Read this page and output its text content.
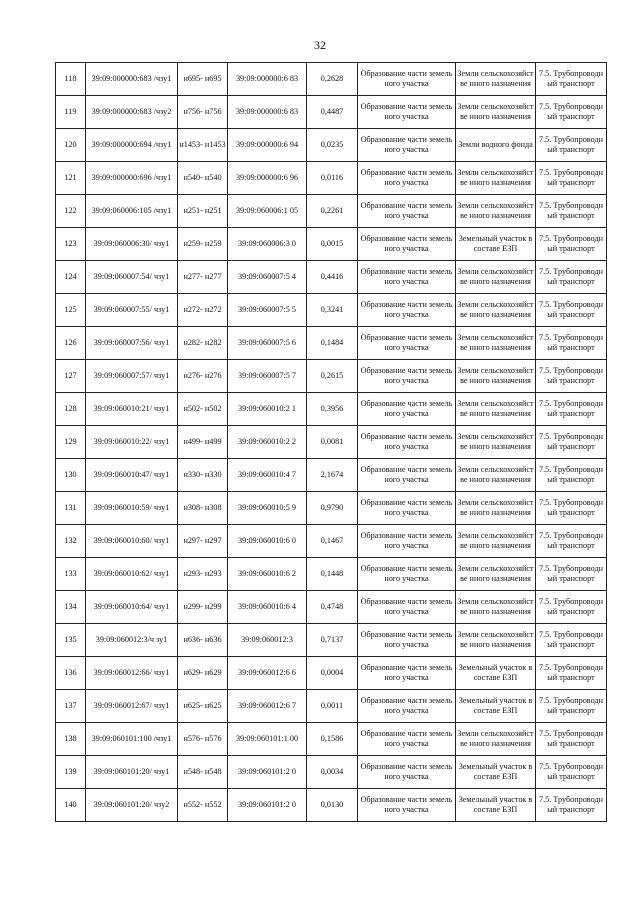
32
118	39:09:000000:683 /чзу1	н695- н695	39:09:000000:6 83	0,2628	Образование части земельного участка	Земли сельскохозяйстве нного назначения	7.5. Трубопроводн ый транспорт
119	39:09:000000:683 /чзу2	н756- н756	39:09:000000:6 83	0,4487	Образование части земельного участка	Земли сельскохозяйстве нного назначения	7.5. Трубопроводн ый транспорт
120	39:09:000000:694 /чзу1	н1453- н1453	39:09:000000:6 94	0,0235	Образование части земельного участка	Земли водного фонда	7.5. Трубопроводн ый транспорт
121	39:09:000000:696 /чзу1	н540- н540	39:09:000000:6 96	0,0116	Образование части земельного участка	Земли сельскохозяйстве нного назначения	7.5. Трубопроводн ый транспорт
122	39:09:060006:105 /чзу1	н251- н251	39:09:060006:1 05	0,2261	Образование части земельного участка	Земли сельскохозяйстве нного назначения	7.5. Трубопроводн ый транспорт
123	39:09:060006:30/ чзу1	н259- н259	39:09:060006:3 0	0,0015	Образование части земельного участка	Земельный участок в составе ЕЗП	7.5. Трубопроводн ый транспорт
124	39:09:060007:54/ чзу1	н277- н277	39:09:060007:5 4	0,4416	Образование части земельного участка	Земли сельскохозяйстве нного назначения	7.5. Трубопроводн ый транспорт
125	39:09:060007:55/ чзу1	н272- н272	39:09:060007:5 5	0,3241	Образование части земельного участка	Земли сельскохозяйстве нного назначения	7.5. Трубопроводн ый транспорт
126	39:09:060007:56/ чзу1	н282- н282	39:09:060007:5 6	0,1484	Образование части земельного участка	Земли сельскохозяйстве нного назначения	7.5. Трубопроводн ый транспорт
127	39:09:060007:57/ чзу1	н276- н276	39:09:060007:5 7	0,2615	Образование части земельного участка	Земли сельскохозяйстве нного назначения	7.5. Трубопроводн ый транспорт
128	39:09:060010:21/ чзу1	н502- н502	39:09:060010:2 1	0,3956	Образование части земельного участка	Земли сельскохозяйстве нного назначения	7.5. Трубопроводн ый транспорт
129	39:09:060010:22/ чзу1	н499- н499	39:09:060010:2 2	0,0081	Образование части земельного участка	Земли сельскохозяйстве нного назначения	7.5. Трубопроводн ый транспорт
130	39:09:060010:47/ чзу1	н330- н330	39:09:060010:4 7	2,1674	Образование части земельного участка	Земли сельскохозяйстве нного назначения	7.5. Трубопроводн ый транспорт
131	39:09:060010:59/ чзу1	н308- н308	39:09:060010:5 9	0,9790	Образование части земельного участка	Земли сельскохозяйстве нного назначения	7.5. Трубопроводн ый транспорт
132	39:09:060010:60/ чзу1	н297- н297	39:09:060010:6 0	0,1467	Образование части земельного участка	Земли сельскохозяйстве нного назначения	7.5. Трубопроводн ый транспорт
133	39:09:060010:62/ чзу1	н293- н293	39:09:060010:6 2	0,1448	Образование части земельного участка	Земли сельскохозяйстве нного назначения	7.5. Трубопроводн ый транспорт
134	39:09:060010:64/ чзу1	н299- н299	39:09:060010:6 4	0,4748	Образование части земельного участка	Земли сельскохозяйстве нного назначения	7.5. Трубопроводн ый транспорт
135	39:09:060012:3/ч зу1	н636- н636	39:09:060012:3	0,7137	Образование части земельного участка	Земли сельскохозяйстве нного назначения	7.5. Трубопроводн ый транспорт
136	39:09:060012:66/ чзу1	н629- н629	39:09:060012:6 6	0,0004	Образование части земельного участка	Земельный участок в составе ЕЗП	7.5. Трубопроводн ый транспорт
137	39:09:060012:67/ чзу1	н625- н625	39:09:060012:6 7	0,0011	Образование части земельного участка	Земельный участок в составе ЕЗП	7.5. Трубопроводн ый транспорт
138	39:09:060101:100 /чзу1	н576- н576	39:09:060101:1 00	0,1586	Образование части земельного участка	Земли сельскохозяйстве нного назначения	7.5. Трубопроводн ый транспорт
139	39:09:060101:20/ чзу1	н548- н548	39:09:060101:2 0	0,0034	Образование части земельного участка	Земельный участок в составе ЕЗП	7.5. Трубопроводн ый транспорт
140	39:09:060101:20/ чзу2	н552- н552	39:09:060101:2 0	0,0130	Образование части земельного участка	Земельный участок в составе ЕЗП	7.5. Трубопроводн ый транспорт
